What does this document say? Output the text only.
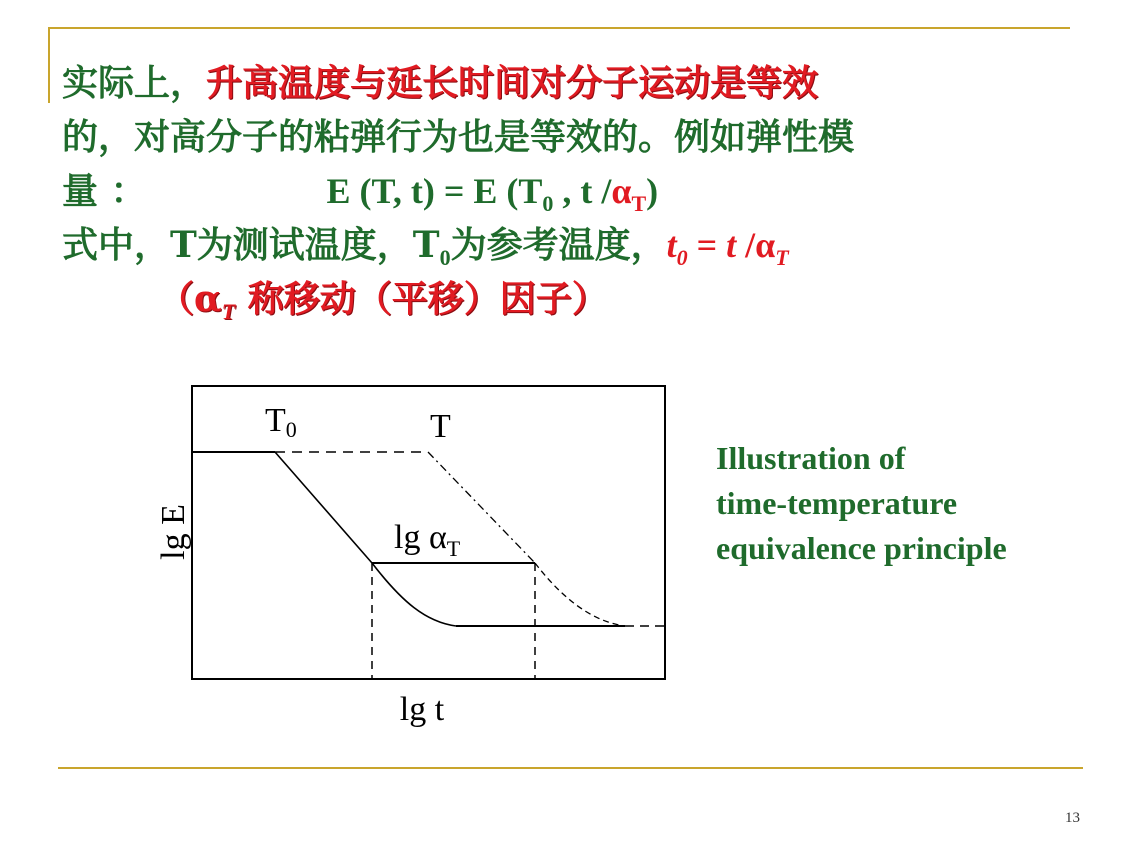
实际上，升高温度与延长时间对分子运动是等效
的，对高分子的粘弹行为也是等效的。例如弹性模
量 ：	E (T, t) = E ($T_0$ , t $/\alpha_T$)
式中，T为测试温度，$T_0$为参考温度，$t_0 = t$ $/\alpha_T$
（$\alpha_T$ 称移动（平移）因子）
T0	T
$\lg \alpha_T$
lg E
lg t
Illustration of
time-temperature
equivalence principle
13
